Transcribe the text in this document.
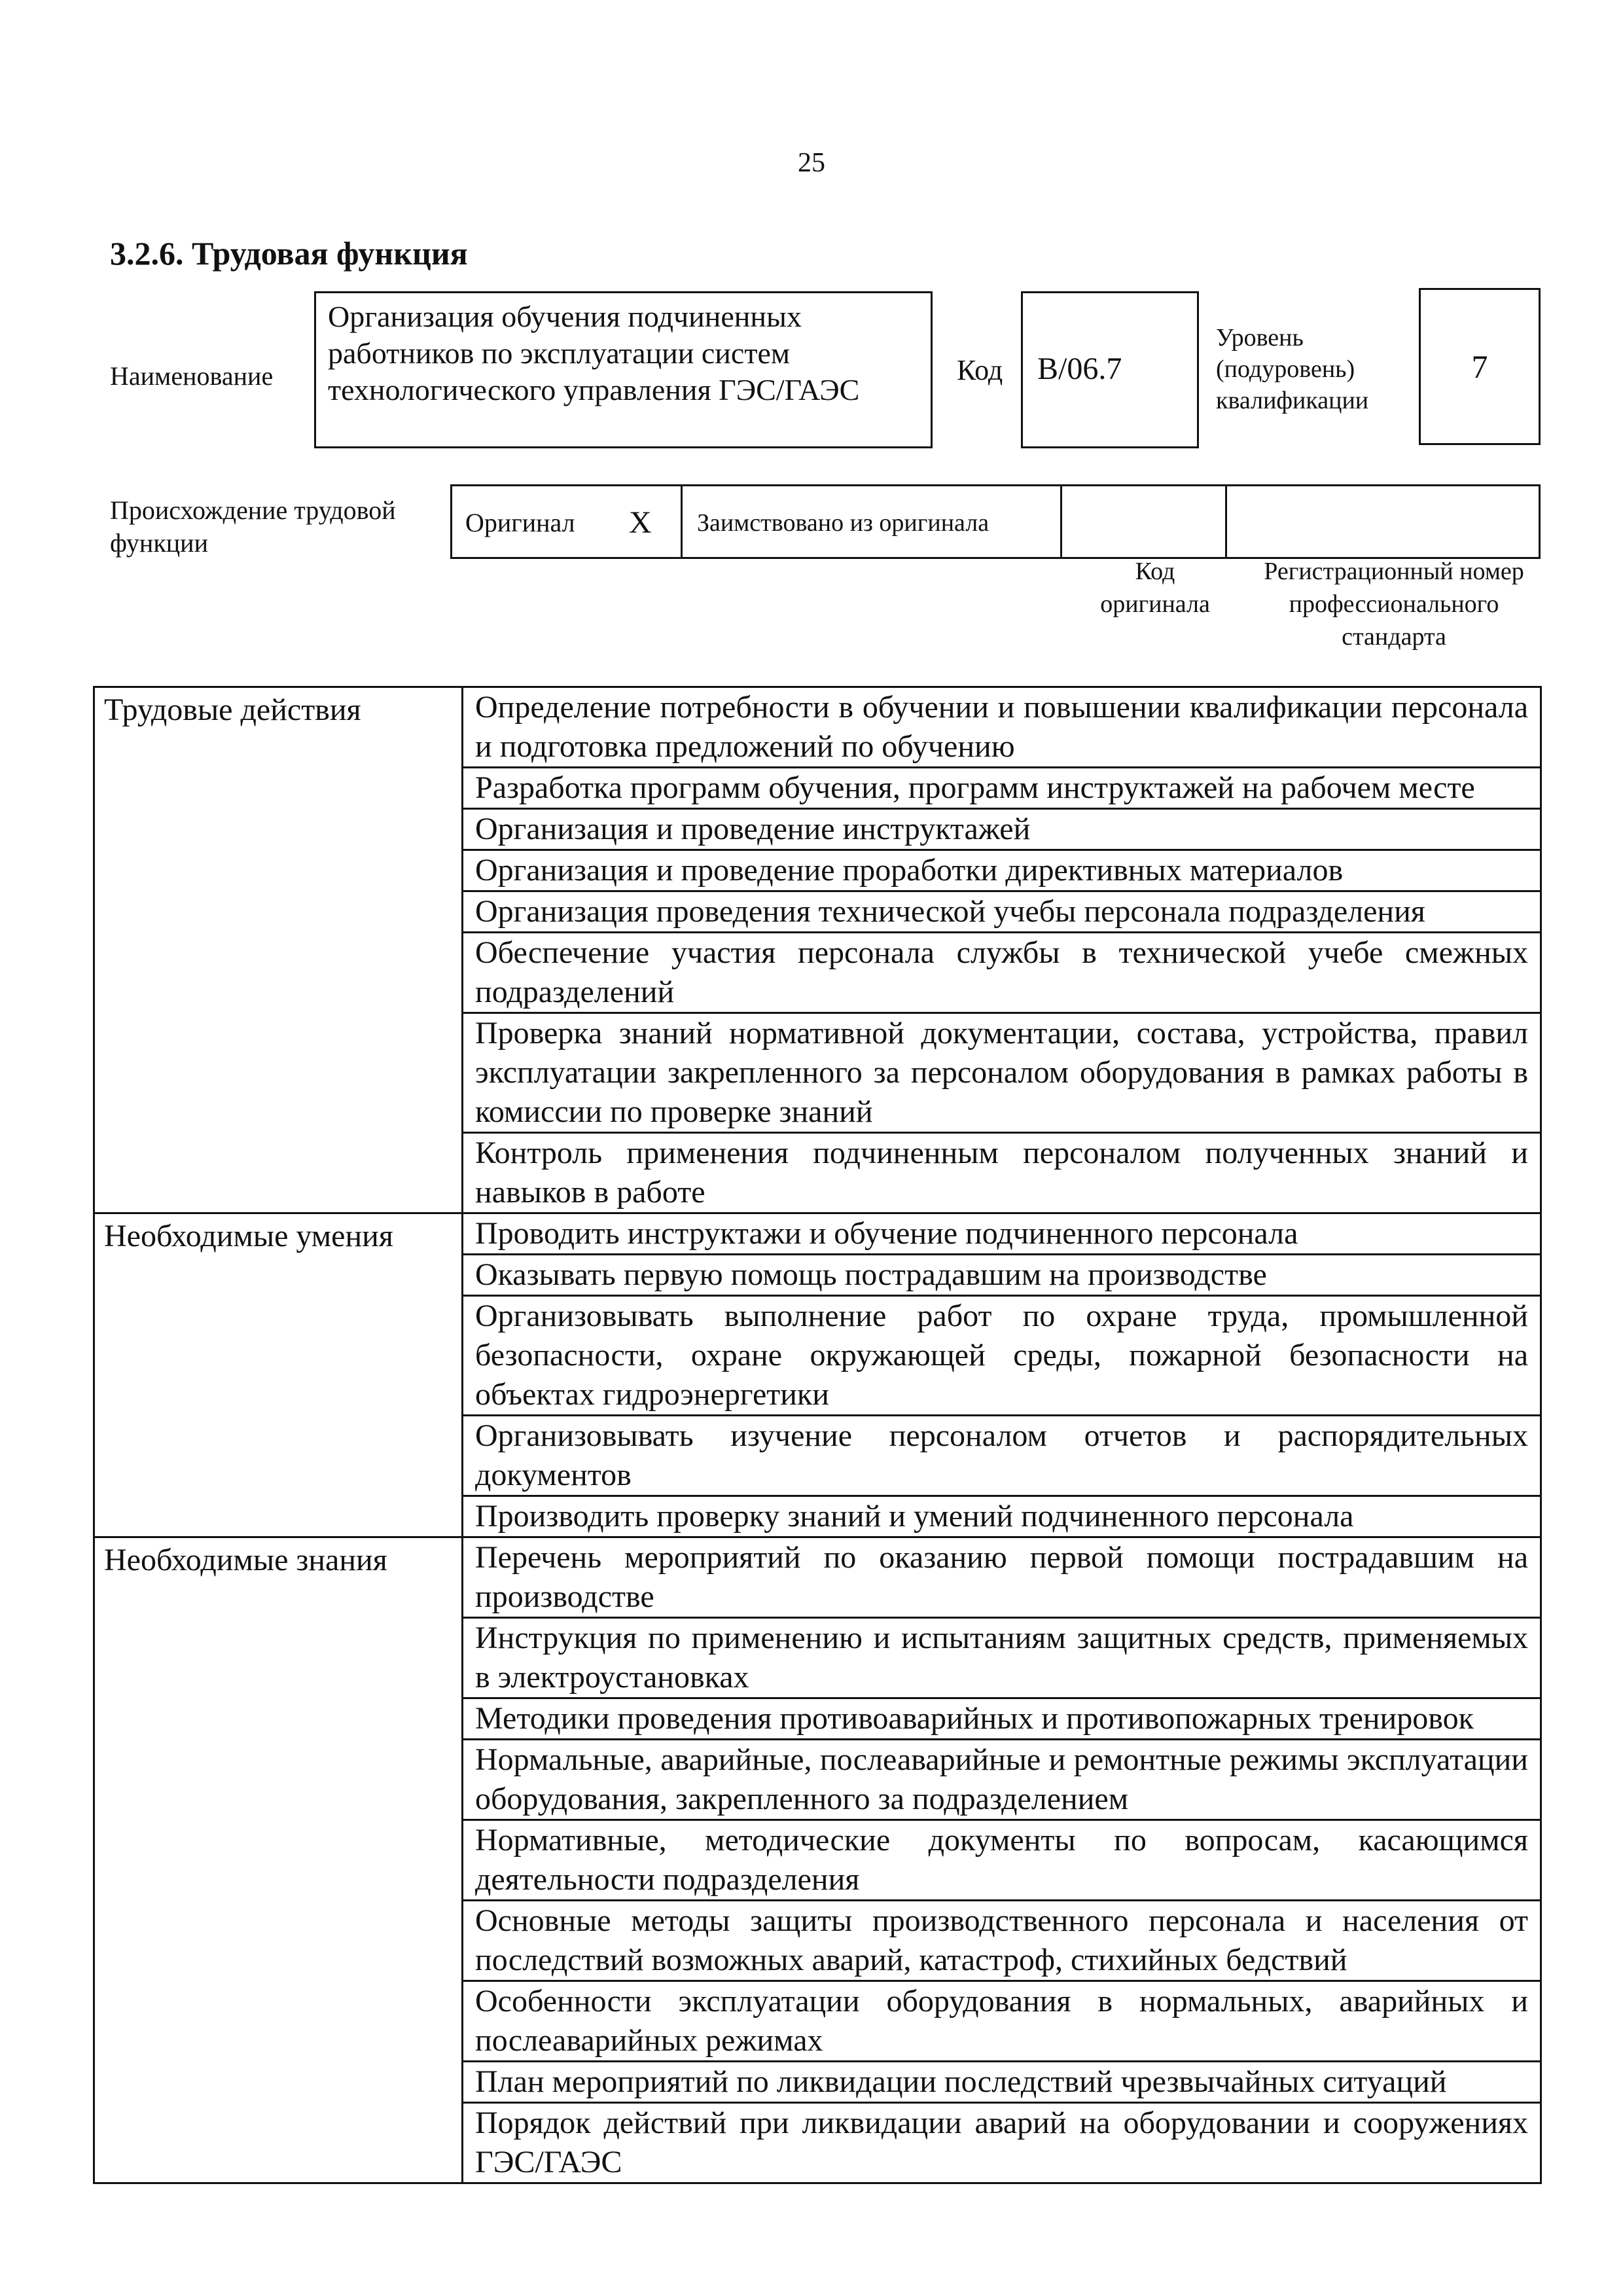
25
3.2.6. Трудовая функция
Наименование
Организация обучения подчиненных работников по эксплуатации систем технологического управления ГЭС/ГАЭС
Код	B/06.7
Уровень (подуровень) квалификации
7
Происхождение трудовой функции
Оригинал Х	Заимствовано из оригинала
Код оригинала
Регистрационный номер профессионального стандарта
Трудовые действия	Определение потребности в обучении и повышении квалификации персонала и подготовка предложений по обучению
	Разработка программ обучения, программ инструктажей на рабочем месте
	Организация и проведение инструктажей
	Организация и проведение проработки директивных материалов
	Организация проведения технической учебы персонала подразделения
	Обеспечение участия персонала службы в технической учебе смежных подразделений
	Проверка знаний нормативной документации, состава, устройства, правил эксплуатации закрепленного за персоналом оборудования в рамках работы в комиссии по проверке знаний
	Контроль применения подчиненным персоналом полученных знаний и навыков в работе
Необходимые умения	Проводить инструктажи и обучение подчиненного персонала
	Оказывать первую помощь пострадавшим на производстве
	Организовывать выполнение работ по охране труда, промышленной безопасности, охране окружающей среды, пожарной безопасности на объектах гидроэнергетики
	Организовывать изучение персоналом отчетов и распорядительных документов
	Производить проверку знаний и умений подчиненного персонала
Необходимые знания	Перечень мероприятий по оказанию первой помощи пострадавшим на производстве
	Инструкция по применению и испытаниям защитных средств, применяемых в электроустановках
	Методики проведения противоаварийных и противопожарных тренировок
	Нормальные, аварийные, послеаварийные и ремонтные режимы эксплуатации оборудования, закрепленного за подразделением
	Нормативные, методические документы по вопросам, касающимся деятельности подразделения
	Основные методы защиты производственного персонала и населения от последствий возможных аварий, катастроф, стихийных бедствий
	Особенности эксплуатации оборудования в нормальных, аварийных и послеаварийных режимах
	План мероприятий по ликвидации последствий чрезвычайных ситуаций
	Порядок действий при ликвидации аварий на оборудовании и сооружениях ГЭС/ГАЭС
